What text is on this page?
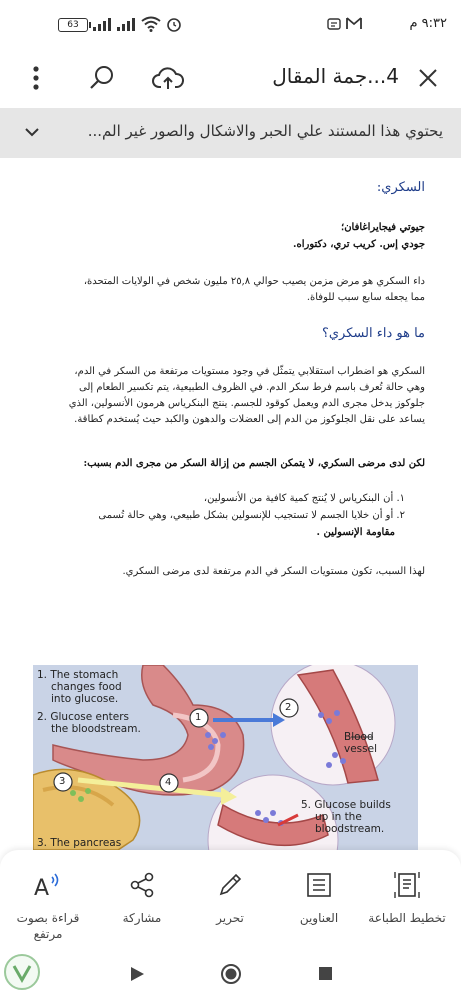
63	٩:٣٢ م
4...جمة المقال
يحتوي هذا المستند علي الحبر والاشكال والصور غير الم...
السكري:
جيوتي فيجايراغافان؛
جودي إس. كريب تري، دكتوراه.
داء السكري هو مرض مزمن يصيب حوالي ٢٥,٨ مليون شخص في الولايات المتحدة،
مما يجعله سابع سبب للوفاة.
ما هو داء السكري؟
السكري هو اضطراب استقلابي يتمثّل في وجود مستويات مرتفعة من السكر في الدم،
وهي حالة تُعرف باسم فرط سكر الدم. في الظروف الطبيعية، يتم تكسير الطعام إلى
جلوكوز يدخل مجرى الدم ويعمل كوقود للجسم. ينتج البنكرياس هرمون الأنسولين، الذي
يساعد على نقل الجلوكوز من الدم إلى العضلات والدهون والكبد حيث يُستخدم كطاقة.
لكن لدى مرضى السكري، لا يتمكن الجسم من إزالة السكر من مجرى الدم بسبب:
١. أن البنكرياس لا يُنتج كمية كافية من الأنسولين،
٢. أو أن خلايا الجسم لا تستجيب للإنسولين بشكل طبيعي، وهي حالة تُسمى
مقاومة الإنسولين .
لهذا السبب، تكون مستويات السكر في الدم مرتفعة لدى مرضى السكري.
1
2
3	4
1. The stomach
changes food
into glucose.
2. Glucose enters
the bloodstream.
3. The pancreas
Blood
vessel
5. Glucose builds
up in the
bloodstream.
تخطيط الطباعة
العناوين
تحرير
مشاركة
A
قراءة بصوت مرتفع
